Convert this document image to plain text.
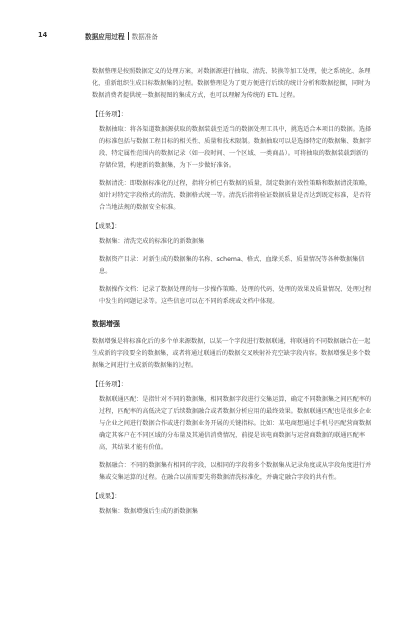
14	数据应用过程 数据准备

数据整理是按照数据定义的处理方案，对数据源进行抽取、清洗、转换等加工处理，使之系统化、条理化，重新组织生成目标数据集的过程。数据整理是为了更方便进行后续的统计分析和数据挖掘，同时为数据消费者提供统一数据视图的集成方式，也可以理解为传统的 ETL 过程。

【任务项】：

数据抽取：将各渠道数据源获取的数据装载至适当的数据处理工具中，挑选适合本项目的数据。选择的标准包括与数据工程目标的相关性、质量和技术限制。数据抽取可以是选择特定的数据集、数据字段、特定属性范围内的数据记录（如一段时间、一个区域、一类商品）。可将抽取的数据装载到新的存储位置，构建新的数据集，为下一步做好准备。

数据清洗：即数据标准化的过程，指将分析已有数据的质量，制定数据有效性策略和数据清洗策略，如针对特定字段格式的清洗、数据格式统一等。清洗后指将验证数据质量是否达到既定标准，是否符合当地法规的数据安全标准。

【成果】：

数据集：清洗完成的标准化的新数据集

数据资产目录：对新生成的数据集的名称、schema、格式、血缘关系、质量情况等各种数据集信息。

数据操作文档：记录了数据处理的每一步操作策略、处理的代码、处理的效果及质量情况、处理过程中发生的问题记录等。这些信息可以在不同的系统或文档中体现。

数据增强

数据增强是将标准化后的多个单来源数据，以某一个字段进行数据联通，将联通的不同数据融合在一起生成新的字段要全的数据集，或者将通过联通后的数据交叉映射补充空缺字段内容。数据增强是多个数据集之间进行主成新的数据集的过程。

【任务项】：

数据联通匹配：是指针对不同的数据集，相同数据字段进行交集运算，确定不同数据集之间匹配率的过程，匹配率的高低决定了后续数据融合或者数据分析应用的最终效果。数据联通匹配也是很多企业与企业之间进行数据合作或进行数据业务开展的关键指标。比如：某电商想通过手机号匹配营商数据确定其客户在不同区域的分布量及其通信消费情况，前提是该电商数据与运营商数据的联通匹配率高，其结果才能有价值。

数据融合：不同的数据集有相同的字段，以相同的字段将多个数据集从记录角度或从字段角度进行并集或交集运算的过程。在融合以前需要先将数据清洗标准化，并确定融合字段的共有性。

【成果】：

数据集：数据增强后生成的新数据集
